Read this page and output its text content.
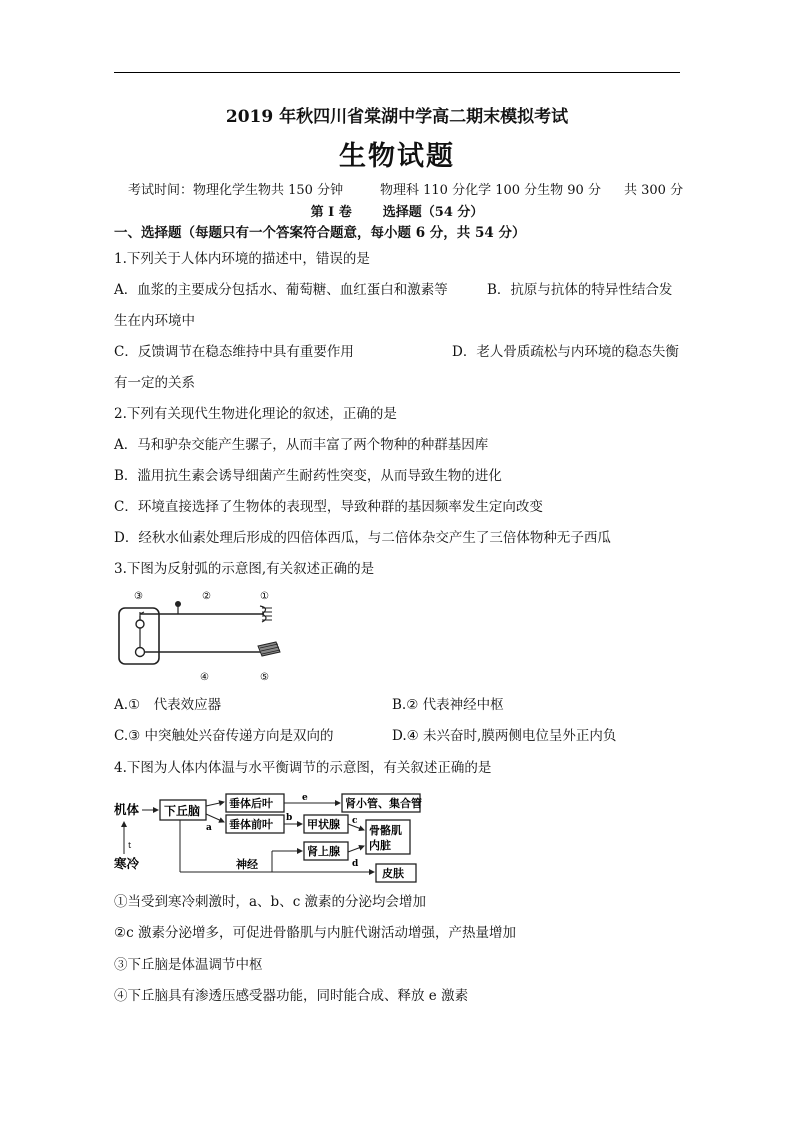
2019 年秋四川省棠湖中学高二期末模拟考试
生物试题
考试时间：物理化学生物共 150 分钟	物理科 110 分化学 100 分生物 90 分 共 300 分
第 I 卷 选择题（54 分）
一、选择题（每题只有一个答案符合题意，每小题 6 分，共 54 分）
1.下列关于人体内环境的描述中，错误的是
A．血浆的主要成分包括水、葡萄糖、血红蛋白和激素等	B．抗原与抗体的特异性结合发
生在内环境中
C．反馈调节在稳态维持中具有重要作用	D．老人骨质疏松与内环境的稳态失衡
有一定的关系
2.下列有关现代生物进化理论的叙述，正确的是
A．马和驴杂交能产生骡子，从而丰富了两个物种的种群基因库
B．滥用抗生素会诱导细菌产生耐药性突变，从而导致生物的进化
C．环境直接选择了生物体的表现型，导致种群的基因频率发生定向改变
D．经秋水仙素处理后形成的四倍体西瓜，与二倍体杂交产生了三倍体物种无子西瓜
3.下图为反射弧的示意图,有关叙述正确的是
③	②	①
④	⑤
A.①　代表效应器	B.② 代表神经中枢
C.③ 中突触处兴奋传递方向是双向的	D.④ 未兴奋时,膜两侧电位呈外正内负
4.下图为人体内体温与水平衡调节的示意图，有关叙述正确的是
机体
寒冷
t
下丘脑
a
垂体后叶
垂体前叶
e	肾小管、集合管
b 甲状腺 c
骨骼肌
内脏
肾上腺
d
神经
皮肤
①当受到寒冷刺激时，a、b、c 激素的分泌均会增加
②c 激素分泌增多，可促进骨骼肌与内脏代谢活动增强，产热量增加
③下丘脑是体温调节中枢
④下丘脑具有渗透压感受器功能，同时能合成、释放 e 激素
